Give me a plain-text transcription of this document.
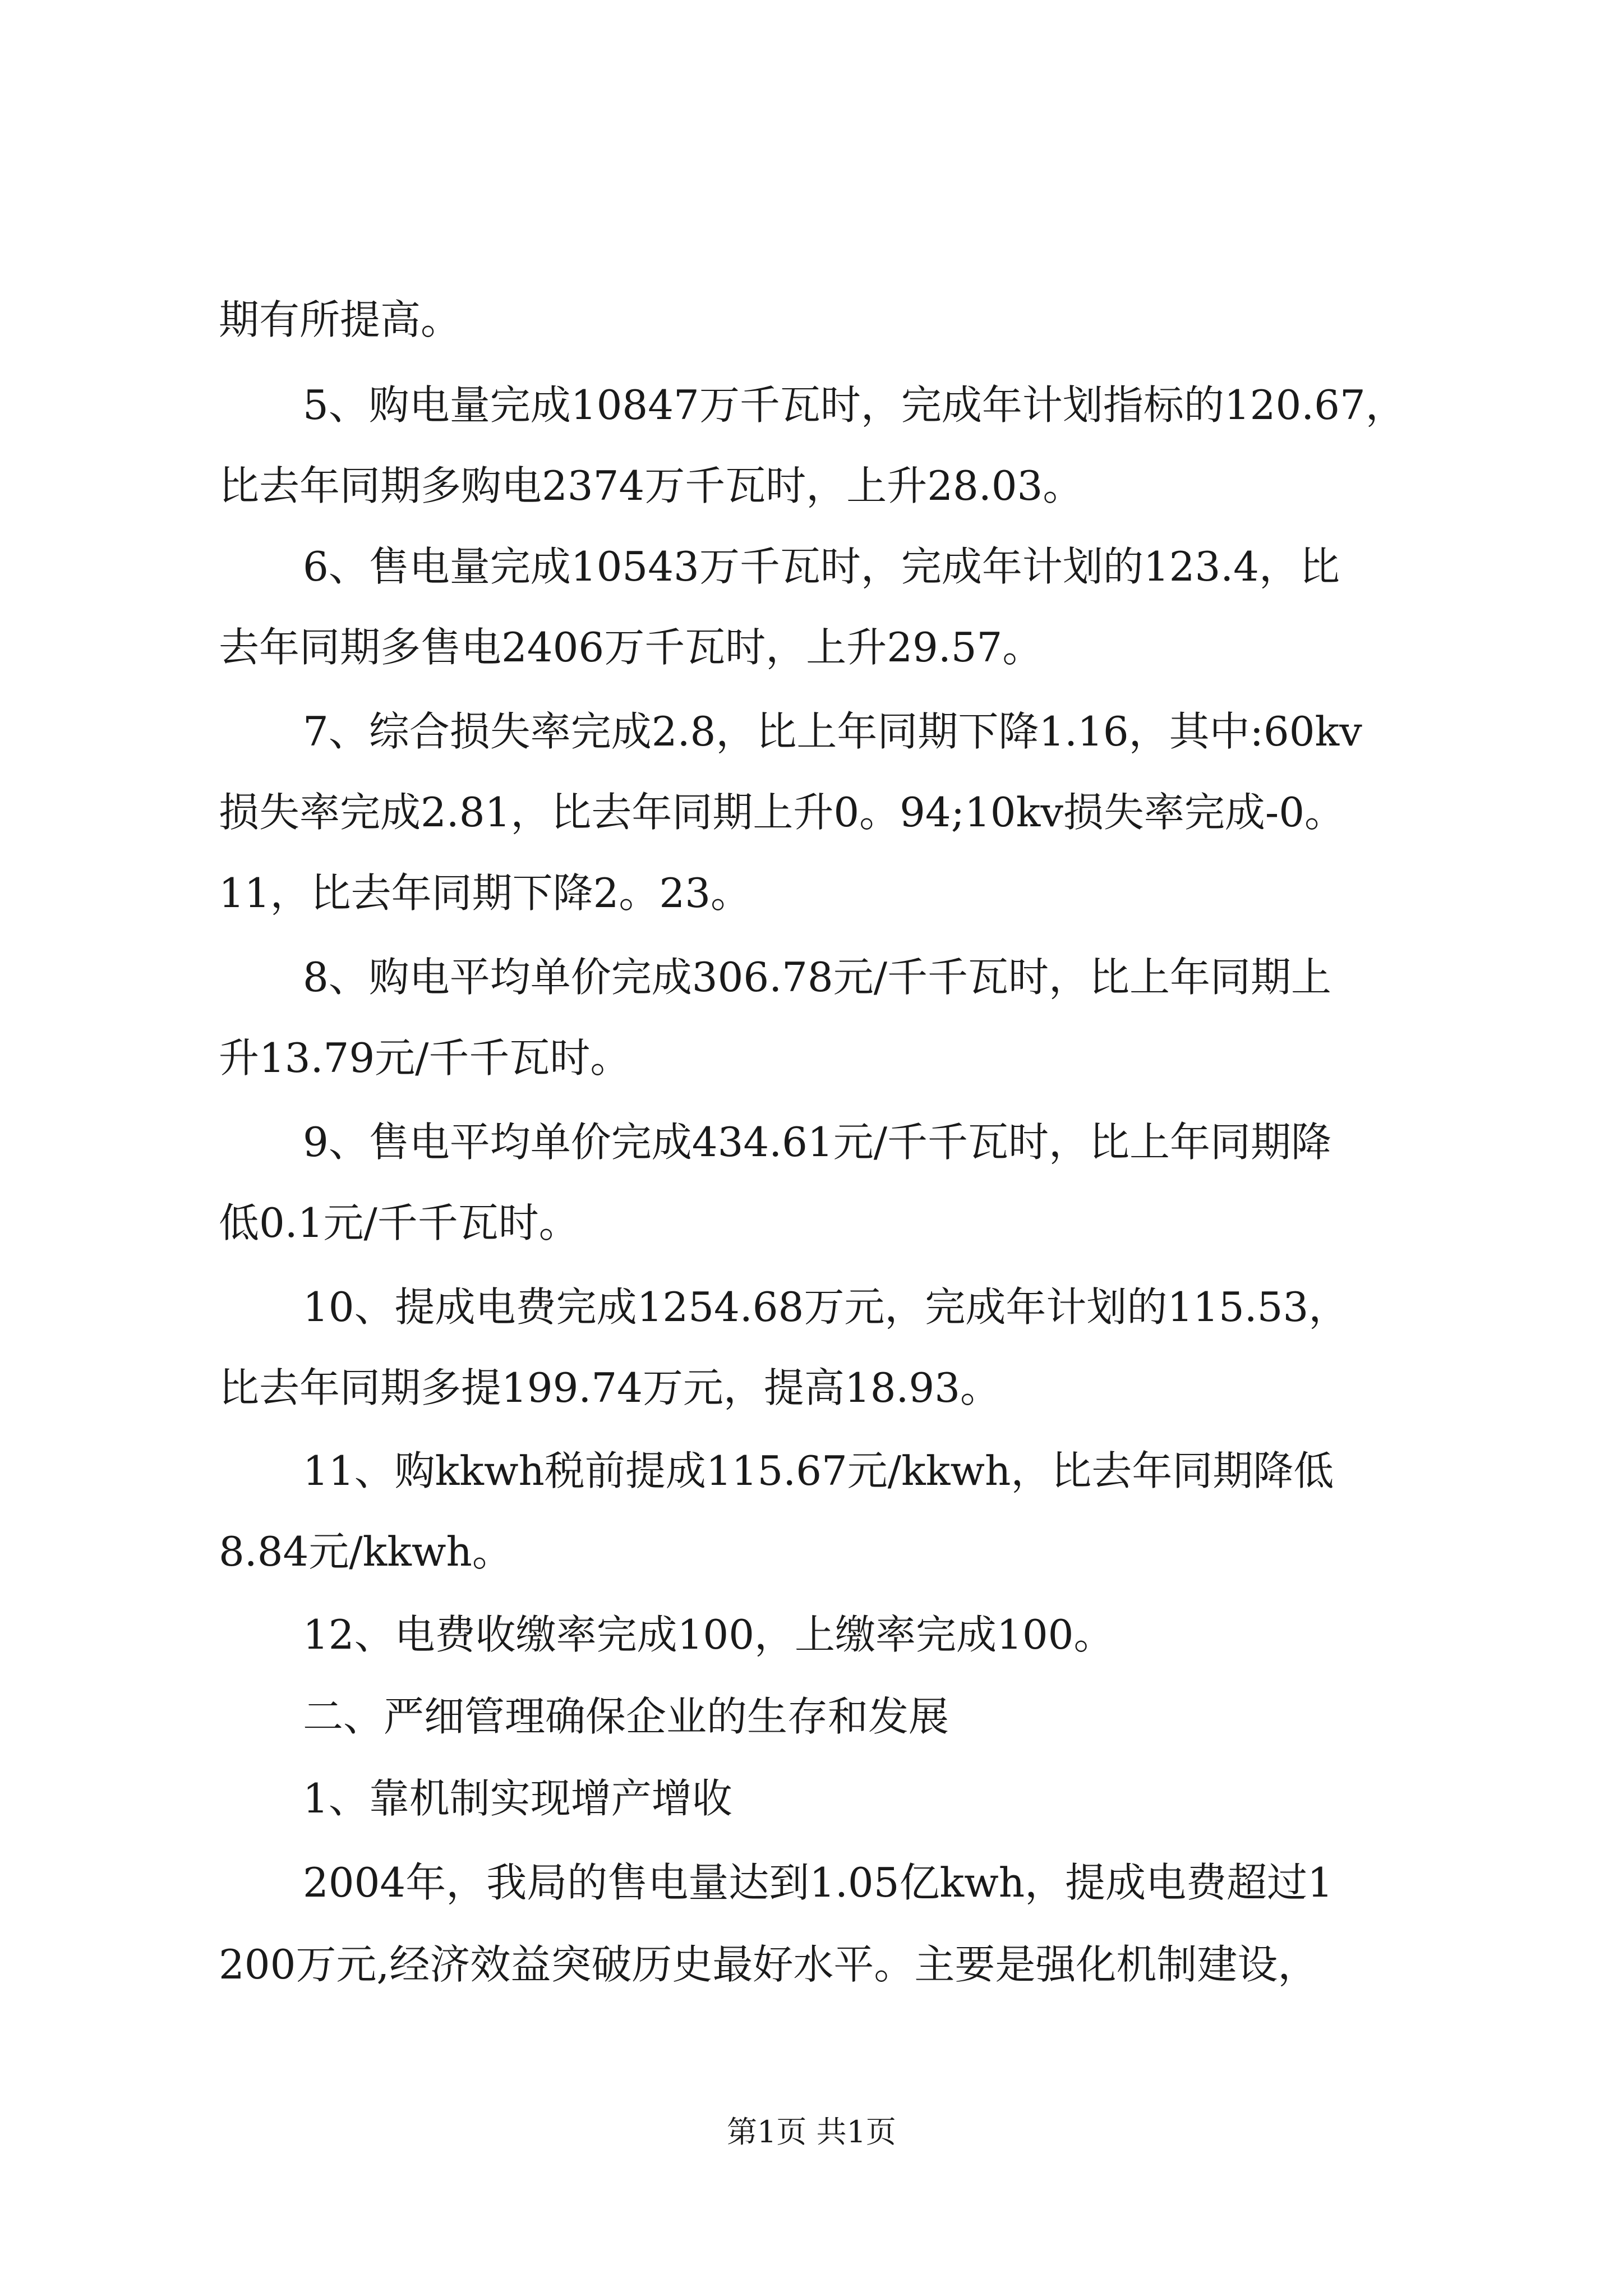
期有所提高。
5、购电量完成10847万千瓦时，完成年计划指标的120.67，
比去年同期多购电2374万千瓦时，上升28.03。
6、售电量完成10543万千瓦时，完成年计划的123.4，比
去年同期多售电2406万千瓦时，上升29.57。
7、综合损失率完成2.8，比上年同期下降1.16，其中:60kv
损失率完成2.81，比去年同期上升0。94;10kv损失率完成-0。
11，比去年同期下降2。23。
8、购电平均单价完成306.78元/千千瓦时，比上年同期上
升13.79元/千千瓦时。
9、售电平均单价完成434.61元/千千瓦时，比上年同期降
低0.1元/千千瓦时。
10、提成电费完成1254.68万元，完成年计划的115.53，
比去年同期多提199.74万元，提高18.93。
11、购kkwh税前提成115.67元/kkwh，比去年同期降低
8.84元/kkwh。
12、电费收缴率完成100，上缴率完成100。
二、严细管理确保企业的生存和发展
1、靠机制实现增产增收
2004年，我局的售电量达到1.05亿kwh，提成电费超过1
200万元,经济效益突破历史最好水平。主要是强化机制建设，
第1页 共1页
